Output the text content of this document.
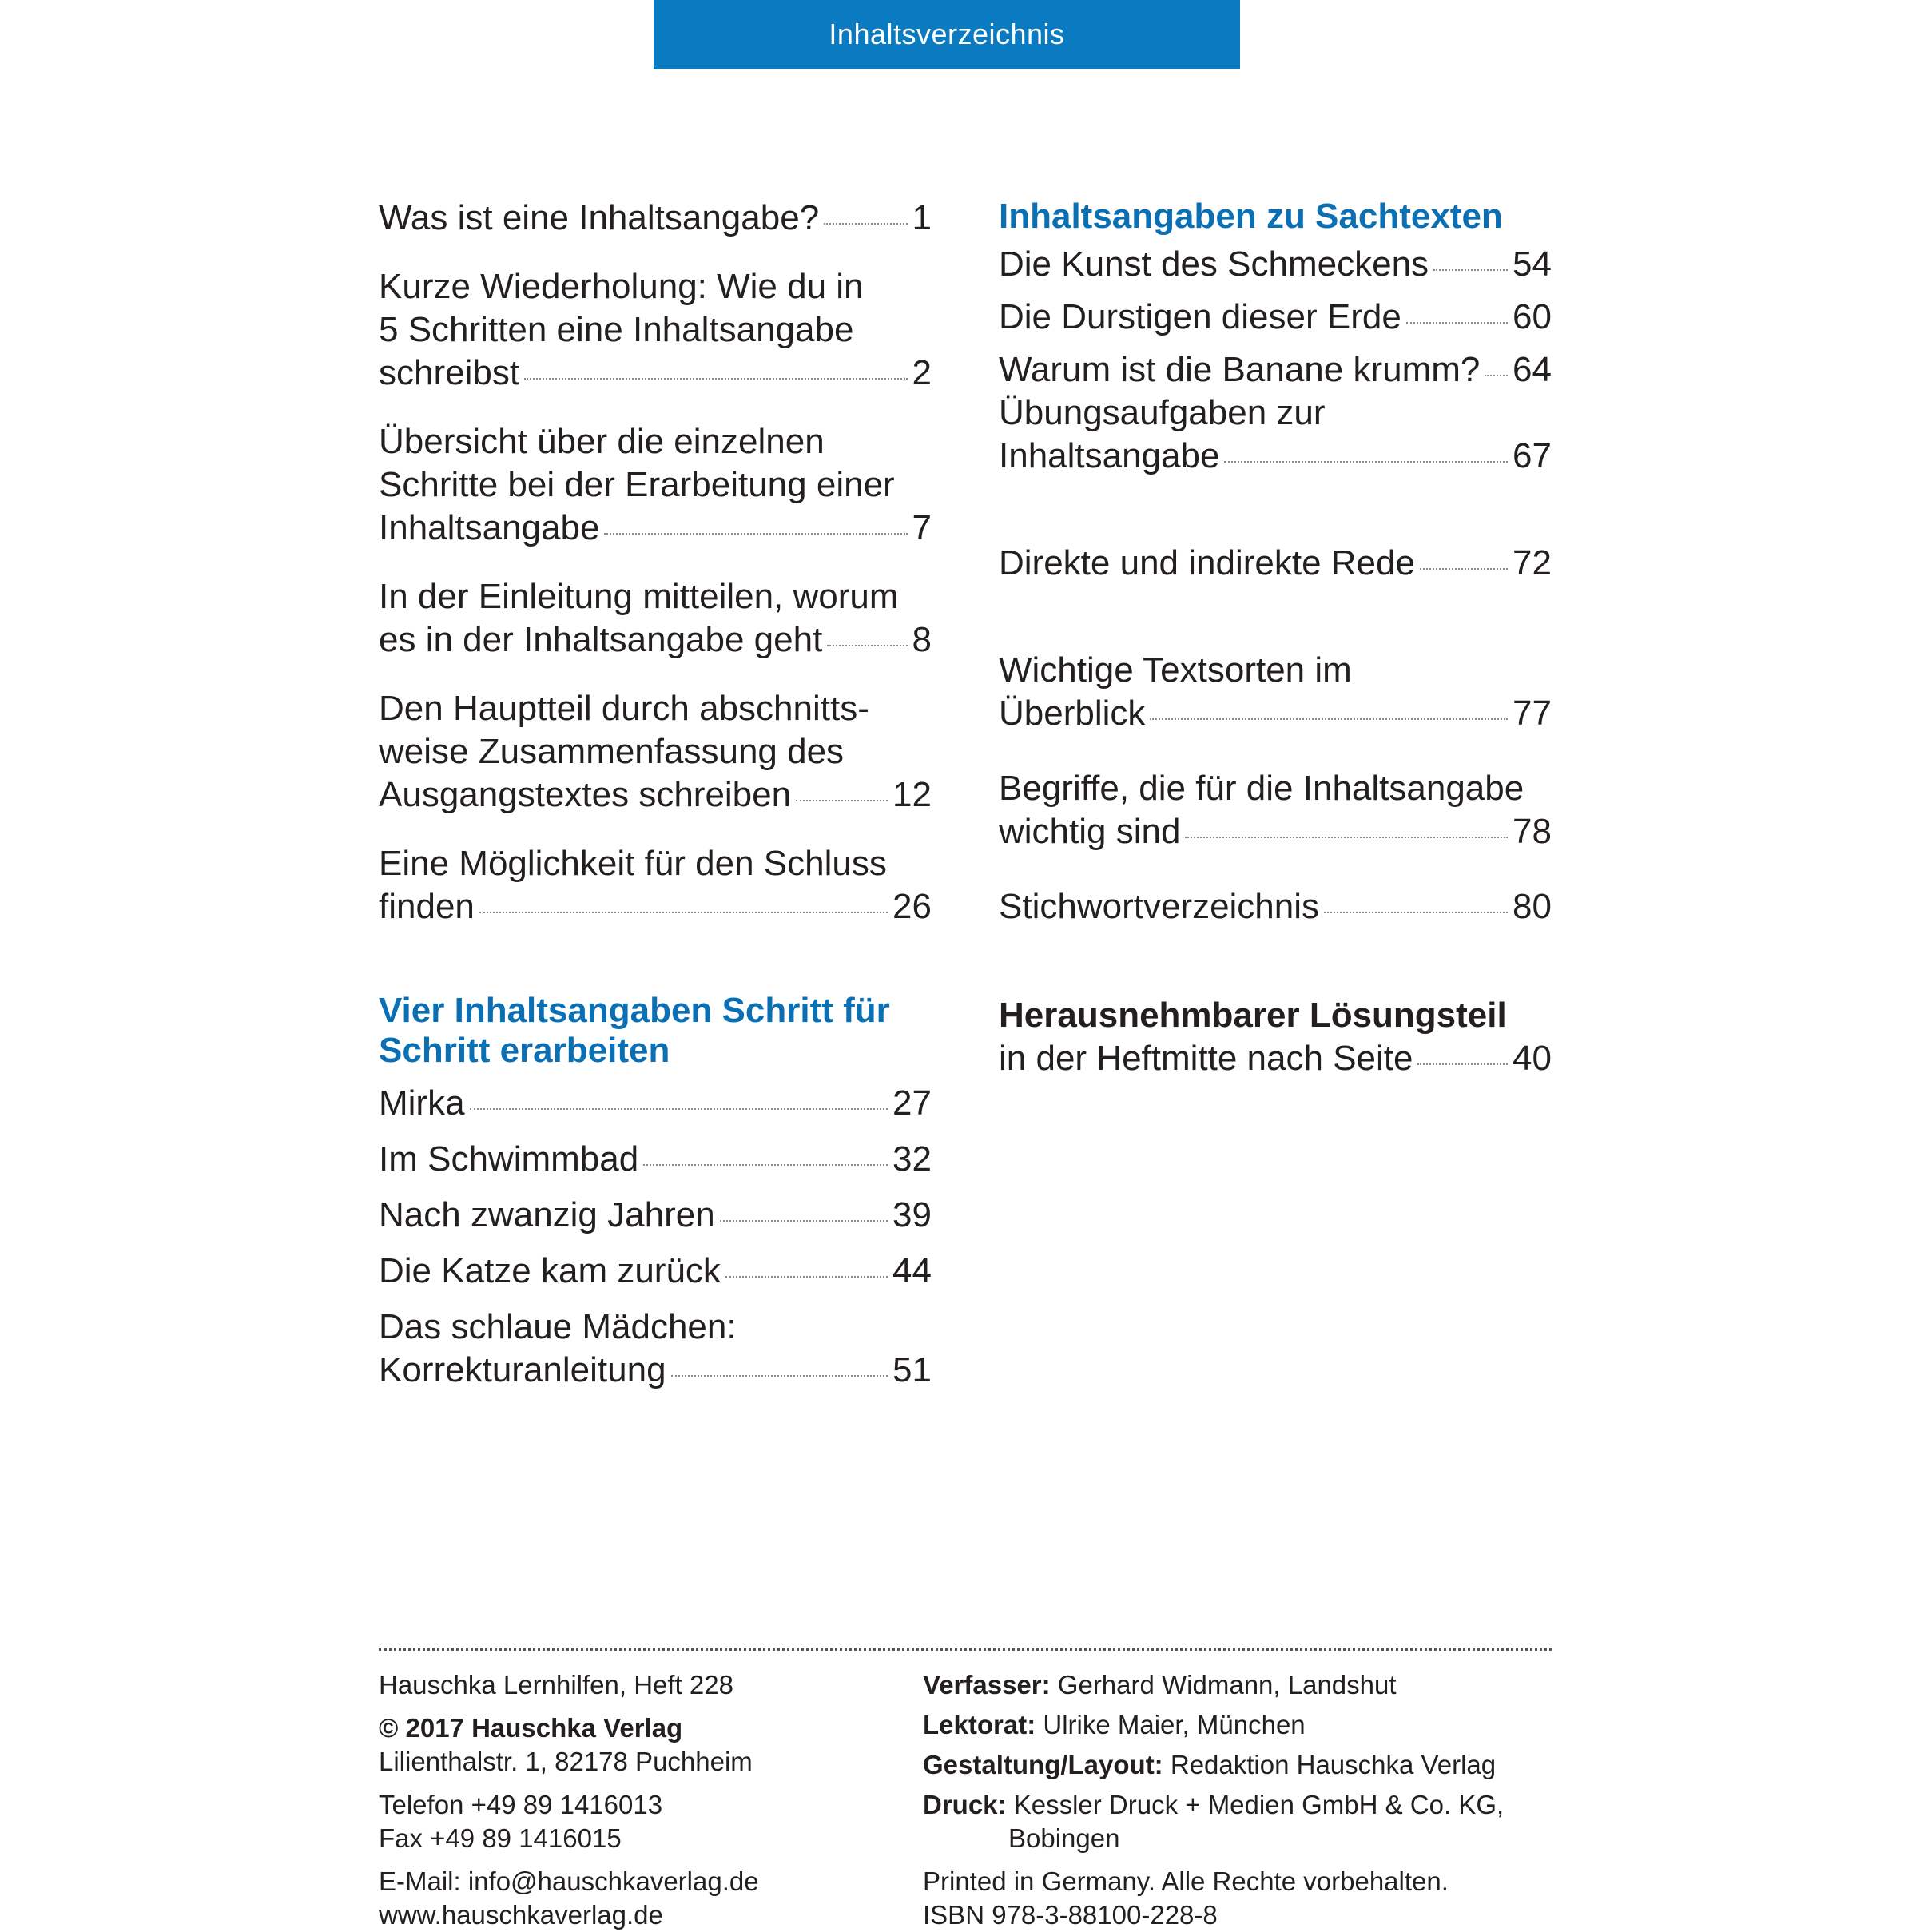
Inhaltsverzeichnis
Was ist eine Inhaltsangabe?	1
Kurze Wiederholung: Wie du in
5 Schritten eine Inhaltsangabe
schreibst	2
Übersicht über die einzelnen
Schritte bei der Erarbeitung einer
Inhaltsangabe	7
In der Einleitung mitteilen, worum
es in der Inhaltsangabe geht	8
Den Hauptteil durch abschnitts-
weise Zusammenfassung des
Ausgangstextes schreiben	12
Eine Möglichkeit für den Schluss
finden	26
Vier Inhaltsangaben Schritt für
Schritt erarbeiten
Mirka	27
Im Schwimmbad	32
Nach zwanzig Jahren	39
Die Katze kam zurück	44
Das schlaue Mädchen:
Korrekturanleitung	51
Inhaltsangaben zu Sachtexten
Die Kunst des Schmeckens 54
Die Durstigen dieser Erde	60
Warum ist die Banane krumm? 64
Übungsaufgaben zur
Inhaltsangabe	67
Direkte und indirekte Rede	72
Wichtige Textsorten im
Überblick	77
Begriffe, die für die Inhaltsangabe
wichtig sind	78
Stichwortverzeichnis	80
Herausnehmbarer Lösungsteil
in der Heftmitte nach Seite	40
Hauschka Lernhilfen, Heft 228
© 2017 Hauschka Verlag
Lilienthalstr. 1, 82178 Puchheim
Telefon +49 89 1416013
Fax +49 89 1416015
E-Mail: info@hauschkaverlag.de
www.hauschkaverlag.de
Verfasser: Gerhard Widmann, Landshut
Lektorat: Ulrike Maier, München
Gestaltung/Layout: Redaktion Hauschka Verlag
Druck: Kessler Druck + Medien GmbH & Co. KG,
Bobingen
Printed in Germany. Alle Rechte vorbehalten.
ISBN 978-3-88100-228-8
